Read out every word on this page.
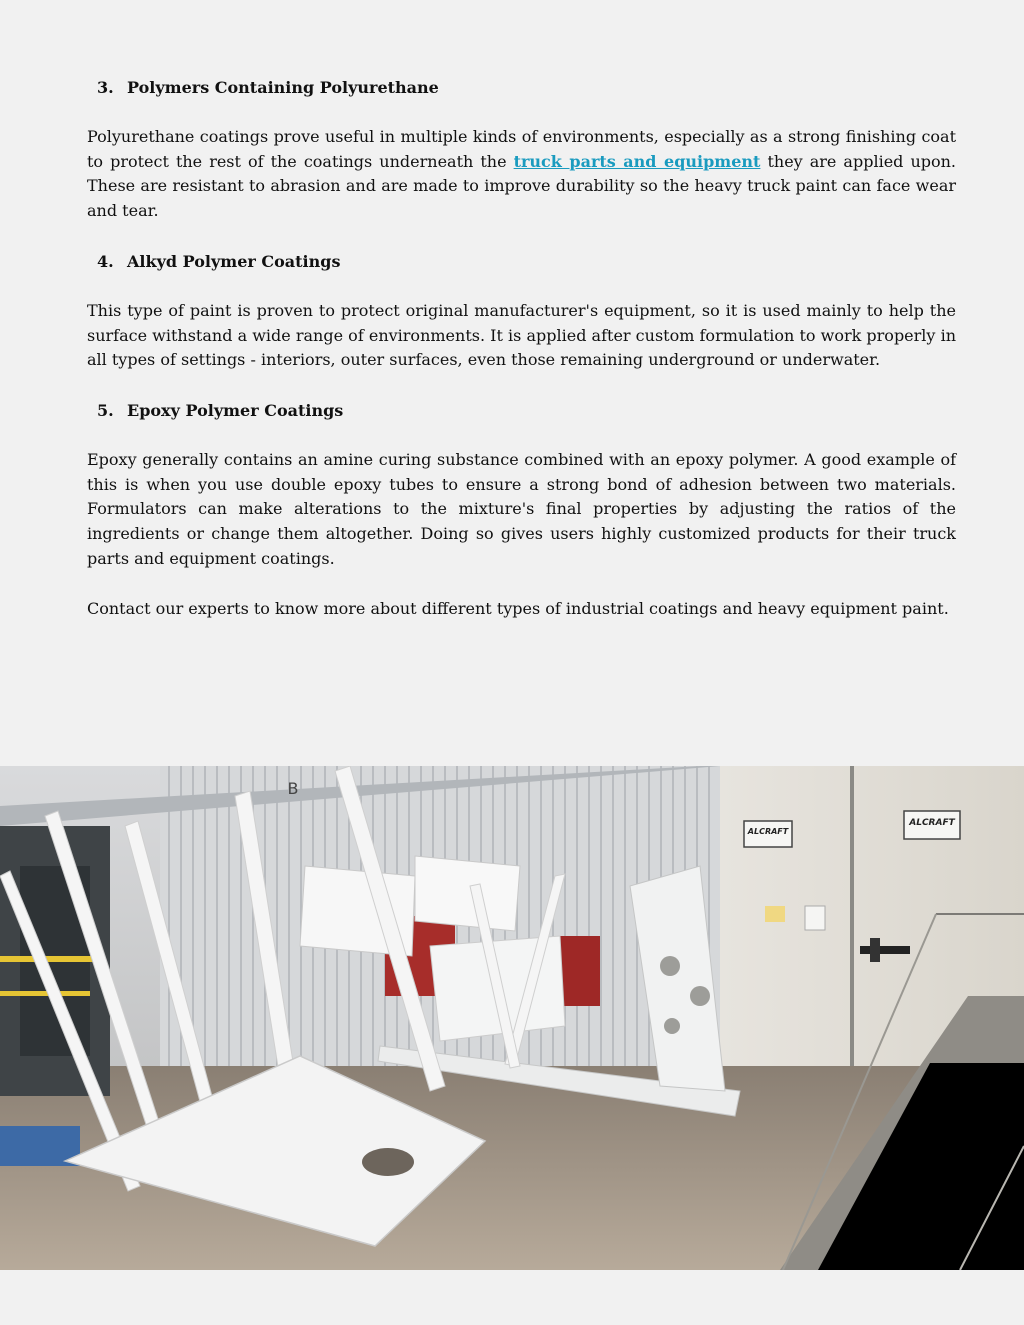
3. Polymers Containing Polyurethane
Polyurethane coatings prove useful in multiple kinds of environments, especially as a strong finishing coat to protect the rest of the coatings underneath the truck parts and equipment they are applied upon. These are resistant to abrasion and are made to improve durability so the heavy truck paint can face wear and tear.
4. Alkyd Polymer Coatings
This type of paint is proven to protect original manufacturer's equipment, so it is used mainly to help the surface withstand a wide range of environments. It is applied after custom formulation to work properly in all types of settings - interiors, outer surfaces, even those remaining underground or underwater.
5. Epoxy Polymer Coatings
Epoxy generally contains an amine curing substance combined with an epoxy polymer. A good example of this is when you use double epoxy tubes to ensure a strong bond of adhesion between two materials. Formulators can make alterations to the mixture's final properties by adjusting the ratios of the ingredients or change them altogether. Doing so gives users highly customized products for their truck parts and equipment coatings.
Contact our experts to know more about different types of industrial coatings and heavy equipment paint.
ALCRAFT
ALCRAFT
B
